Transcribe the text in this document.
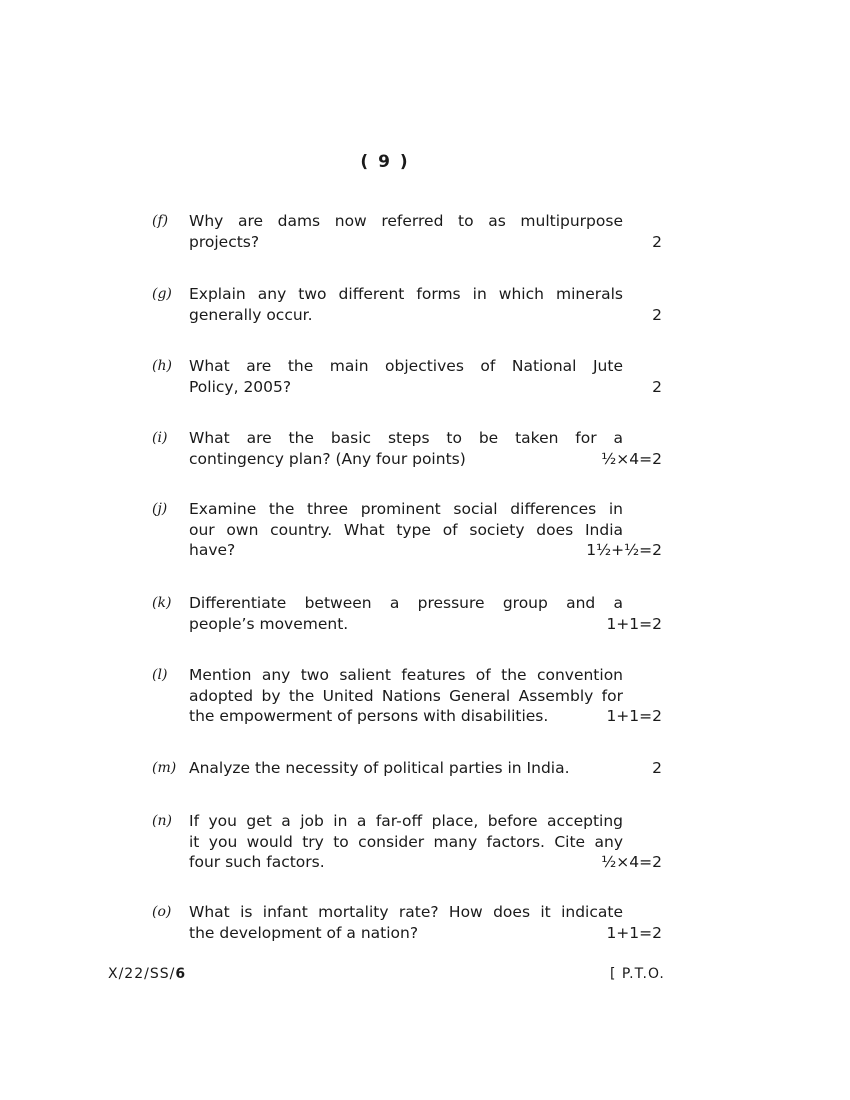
( 9 )
(f)	Why are dams now referred to as multipurpose
projects?	2
(g)	Explain any two different forms in which minerals
generally occur.	2
(h)	What are the main objectives of National Jute
Policy, 2005?	2
(i)	What are the basic steps to be taken for a
contingency plan? (Any four points)	½×4=2
(j)	Examine the three prominent social differences in
our own country. What type of society does India
have?	1½+½=2
(k)	Differentiate between a pressure group and a
people’s movement.	1+1=2
(l)	Mention any two salient features of the convention
adopted by the United Nations General Assembly for
the empowerment of persons with disabilities.	1+1=2
(m) Analyze the necessity of political parties in India.	2
(n)	If you get a job in a far-off place, before accepting
it you would try to consider many factors. Cite any
four such factors.	½×4=2
(o)	What is infant mortality rate? How does it indicate
the development of a nation?	1+1=2
X/22/SS/6	[ P.T.O.
